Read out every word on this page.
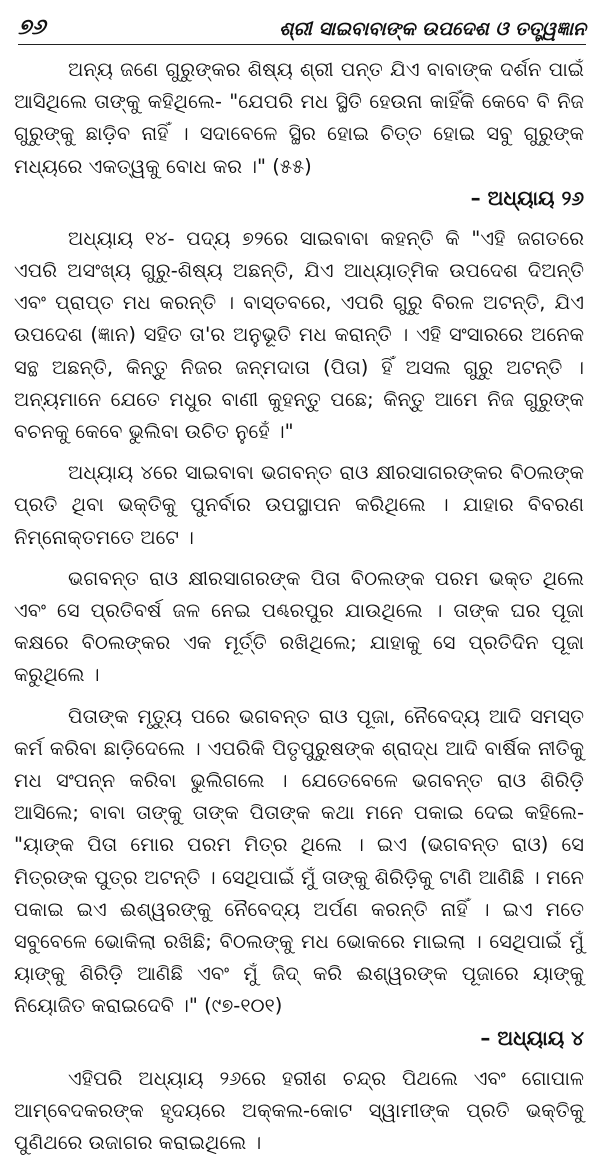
୭୬	ଶ୍ରୀ ସାଇବାବାଙ୍କ ଉପଦେଶ ଓ ତତ୍ତ୍ୱଜ୍ଞାନ

ଅନ୍ୟ ଜଣେ ଗୁରୁଙ୍କର ଶିଷ୍ୟ ଶ୍ରୀ ପନ୍ତ ଯିଏ ବାବାଙ୍କ ଦର୍ଶନ ପାଇଁ ଆସିଥିଲେ ତାଙ୍କୁ କହିଥିଲେ- "ଯେପରି ମଧ ସ୍ଥିତି ହେଉନା କାହିଁକି କେବେ ବି ନିଜ ଗୁରୁଙ୍କୁ ଛାଡ଼ିବ ନାହିଁ । ସଦାବେଳେ ସ୍ଥିର ହୋଇ ଚିତ୍ତ ହୋଇ ସବୁ ଗୁରୁଙ୍କ ମଧ୍ୟରେ ଏକତ୍ୱକୁ ବୋଧ କର ।" (୫୫)

– ଅଧ୍ୟାୟ ୨୬

ଅଧ୍ୟାୟ ୧୪- ପଦ୍ୟ ୭୨ରେ ସାଇବାବା କହନ୍ତି କି "ଏହି ଜଗତରେ ଏପରି ଅସଂଖ୍ୟ ଗୁରୁ-ଶିଷ୍ୟ ଅଛନ୍ତି, ଯିଏ ଆଧ୍ୟାତ୍ମିକ ଉପଦେଶ ଦିଅନ୍ତି ଏବଂ ପ୍ରାପ୍ତ ମଧ କରନ୍ତି । ବାସ୍ତବରେ, ଏପରି ଗୁରୁ ବିରଳ ଅଟନ୍ତି, ଯିଏ ଉପଦେଶ (ଜ୍ଞାନ) ସହିତ ତା'ର ଅନୁଭୂତି ମଧ କରାନ୍ତି । ଏହି ସଂସାରରେ ଅନେକ ସନ୍ଥ ଅଛନ୍ତି, କିନ୍ତୁ ନିଜର ଜନ୍ମଦାତା (ପିତା) ହିଁ ଅସଲ ଗୁରୁ ଅଟନ୍ତି । ଅନ୍ୟମାନେ ଯେତେ ମଧୁର ବାଣୀ କୁହନ୍ତୁ ପଛେ; କିନ୍ତୁ ଆମେ ନିଜ ଗୁରୁଙ୍କ ବଚନକୁ କେବେ ଭୁଲିବା ଉଚିତ ନୁହେଁ ।"

ଅଧ୍ୟାୟ ୪ରେ ସାଇବାବା ଭଗବନ୍ତ ରାଓ କ୍ଷୀରସାଗରଙ୍କର ବିଠଲଙ୍କ ପ୍ରତି ଥିବା ଭକ୍ତିକୁ ପୁନର୍ବାର ଉପସ୍ଥାପନ କରିଥିଲେ । ଯାହାର ବିବରଣ ନିମ୍ନୋକ୍ତମତେ ଅଟେ ।

ଭଗବନ୍ତ ରାଓ କ୍ଷୀରସାଗରଙ୍କ ପିତା ବିଠଲଙ୍କ ପରମ ଭକ୍ତ ଥିଲେ ଏବଂ ସେ ପ୍ରତିବର୍ଷ ଜଳ ନେଇ ପଣ୍ଢରପୁର ଯାଉଥିଲେ । ତାଙ୍କ ଘର ପୂଜା କକ୍ଷରେ ବିଠଲଙ୍କର ଏକ ମୂର୍ତ୍ତି ରଖିଥିଲେ; ଯାହାକୁ ସେ ପ୍ରତିଦିନ ପୂଜା କରୁଥିଲେ ।

ପିତାଙ୍କ ମୃତ୍ୟୁ ପରେ ଭଗବନ୍ତ ରାଓ ପୂଜା, ନୈବେଦ୍ୟ ଆଦି ସମସ୍ତ କର୍ମ କରିବା ଛାଡ଼ିଦେଲେ । ଏପରିକି ପିତୃପୁରୁଷଙ୍କ ଶ୍ରାଦ୍ଧ ଆଦି ବାର୍ଷିକ ନୀତିକୁ ମଧ ସଂପନ୍ନ କରିବା ଭୁଲିଗଲେ । ଯେତେବେଳେ ଭଗବନ୍ତ ରାଓ ଶିରିଡ଼ି ଆସିଲେ; ବାବା ତାଙ୍କୁ ତାଙ୍କ ପିତାଙ୍କ କଥା ମନେ ପକାଇ ଦେଇ କହିଲେ- "ୟାଙ୍କ ପିତା ମୋର ପରମ ମିତ୍ର ଥିଲେ । ଇଏ (ଭଗବନ୍ତ ରାଓ) ସେ ମିତ୍ରଙ୍କ ପୁତ୍ର ଅଟନ୍ତି । ସେଥିପାଇଁ ମୁଁ ତାଙ୍କୁ ଶିରିଡ଼ିକୁ ଟାଣି ଆଣିଛି । ମନେ ପକାଇ ଇଏ ଈଶ୍ୱରଙ୍କୁ ନୈବେଦ୍ୟ ଅର୍ପଣ କରନ୍ତି ନାହିଁ । ଇଏ ମତେ ସବୁବେଳେ ଭୋକିଲା ରଖିଛି; ବିଠଲଙ୍କୁ ମଧ ଭୋକରେ ମାଇଲା । ସେଥିପାଇଁ ମୁଁ ୟାଙ୍କୁ ଶିରିଡ଼ି ଆଣିଛି ଏବଂ ମୁଁ ଜିଦ୍ କରି ଈଶ୍ୱରଙ୍କ ପୂଜାରେ ୟାଙ୍କୁ ନିୟୋଜିତ କରାଇଦେବି ।" (୯୭-୧୦୧)

– ଅଧ୍ୟାୟ ୪

ଏହିପରି ଅଧ୍ୟାୟ ୨୬ରେ ହରୀଶ ଚନ୍ଦ୍ର ପିଥଲେ ଏବଂ ଗୋପାଳ ଆମ୍ବେଦକରଙ୍କ ହୃଦୟରେ ଅକ୍କଲ-କୋଟ ସ୍ୱାମୀଙ୍କ ପ୍ରତି ଭକ୍ତିକୁ ପୁଣିଥରେ ଉଜାଗର କରାଇଥିଲେ ।
